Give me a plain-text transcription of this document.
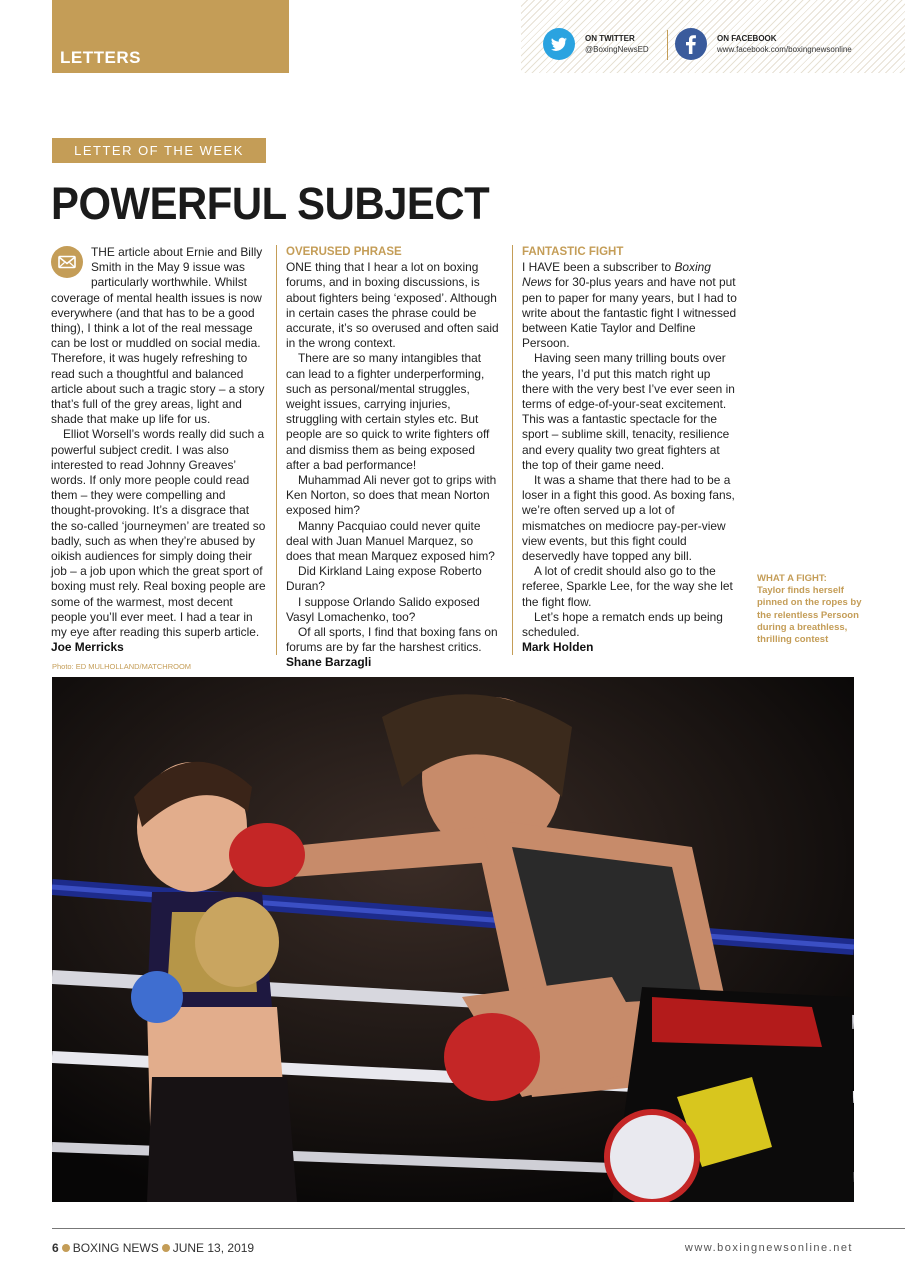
LETTERS
ON TWITTER
@BoxingNewsED
ON FACEBOOK
www.facebook.com/boxingnewsonline
LETTER OF THE WEEK
POWERFUL SUBJECT

THE article about Ernie and Billy Smith in the May 9 issue was particularly worthwhile. Whilst coverage of mental health issues is now everywhere (and that has to be a good thing), I think a lot of the real message can be lost or muddled on social media. Therefore, it was hugely refreshing to read such a thoughtful and balanced article about such a tragic story – a story that’s full of the grey areas, light and shade that make up life for us.

Elliot Worsell’s words really did such a powerful subject credit. I was also interested to read Johnny Greaves’ words. If only more people could read them – they were compelling and thought-provoking. It’s a disgrace that the so-called ‘journeymen’ are treated so badly, such as when they’re abused by oikish audiences for simply doing their job – a job upon which the great sport of boxing must rely. Real boxing people are some of the warmest, most decent people you’ll ever meet. I had a tear in my eye after reading this superb article.

Joe Merricks
OVERUSED PHRASE

ONE thing that I hear a lot on boxing forums, and in boxing discussions, is about fighters being ‘exposed’. Although in certain cases the phrase could be accurate, it’s so overused and often said in the wrong context.

There are so many intangibles that can lead to a fighter underperforming, such as personal/mental struggles, weight issues, carrying injuries, struggling with certain styles etc. But people are so quick to write fighters off and dismiss them as being exposed after a bad performance!

Muhammad Ali never got to grips with Ken Norton, so does that mean Norton exposed him?

Manny Pacquiao could never quite deal with Juan Manuel Marquez, so does that mean Marquez exposed him?

Did Kirkland Laing expose Roberto Duran?

I suppose Orlando Salido exposed Vasyl Lomachenko, too?

Of all sports, I find that boxing fans on forums are by far the harshest critics.

Shane Barzagli
FANTASTIC FIGHT

I HAVE been a subscriber to Boxing News for 30-plus years and have not put pen to paper for many years, but I had to write about the fantastic fight I witnessed between Katie Taylor and Delfine Persoon.

Having seen many trilling bouts over the years, I’d put this match right up there with the very best I’ve ever seen in terms of edge-of-your-seat excitement. This was a fantastic spectacle for the sport – sublime skill, tenacity, resilience and every quality two great fighters at the top of their game need.

It was a shame that there had to be a loser in a fight this good. As boxing fans, we’re often served up a lot of mismatches on mediocre pay-per-view view events, but this fight could deservedly have topped any bill.

A lot of credit should also go to the referee, Sparkle Lee, for the way she let the fight flow.

Let’s hope a rematch ends up being scheduled.

Mark Holden
WHAT A FIGHT:
Taylor finds herself pinned on the ropes by the relentless Persoon during a breathless, thrilling contest
Photo: ED MULHOLLAND/MATCHROOM
6 BOXING NEWS JUNE 13, 2019	www.boxingnewsonline.net
